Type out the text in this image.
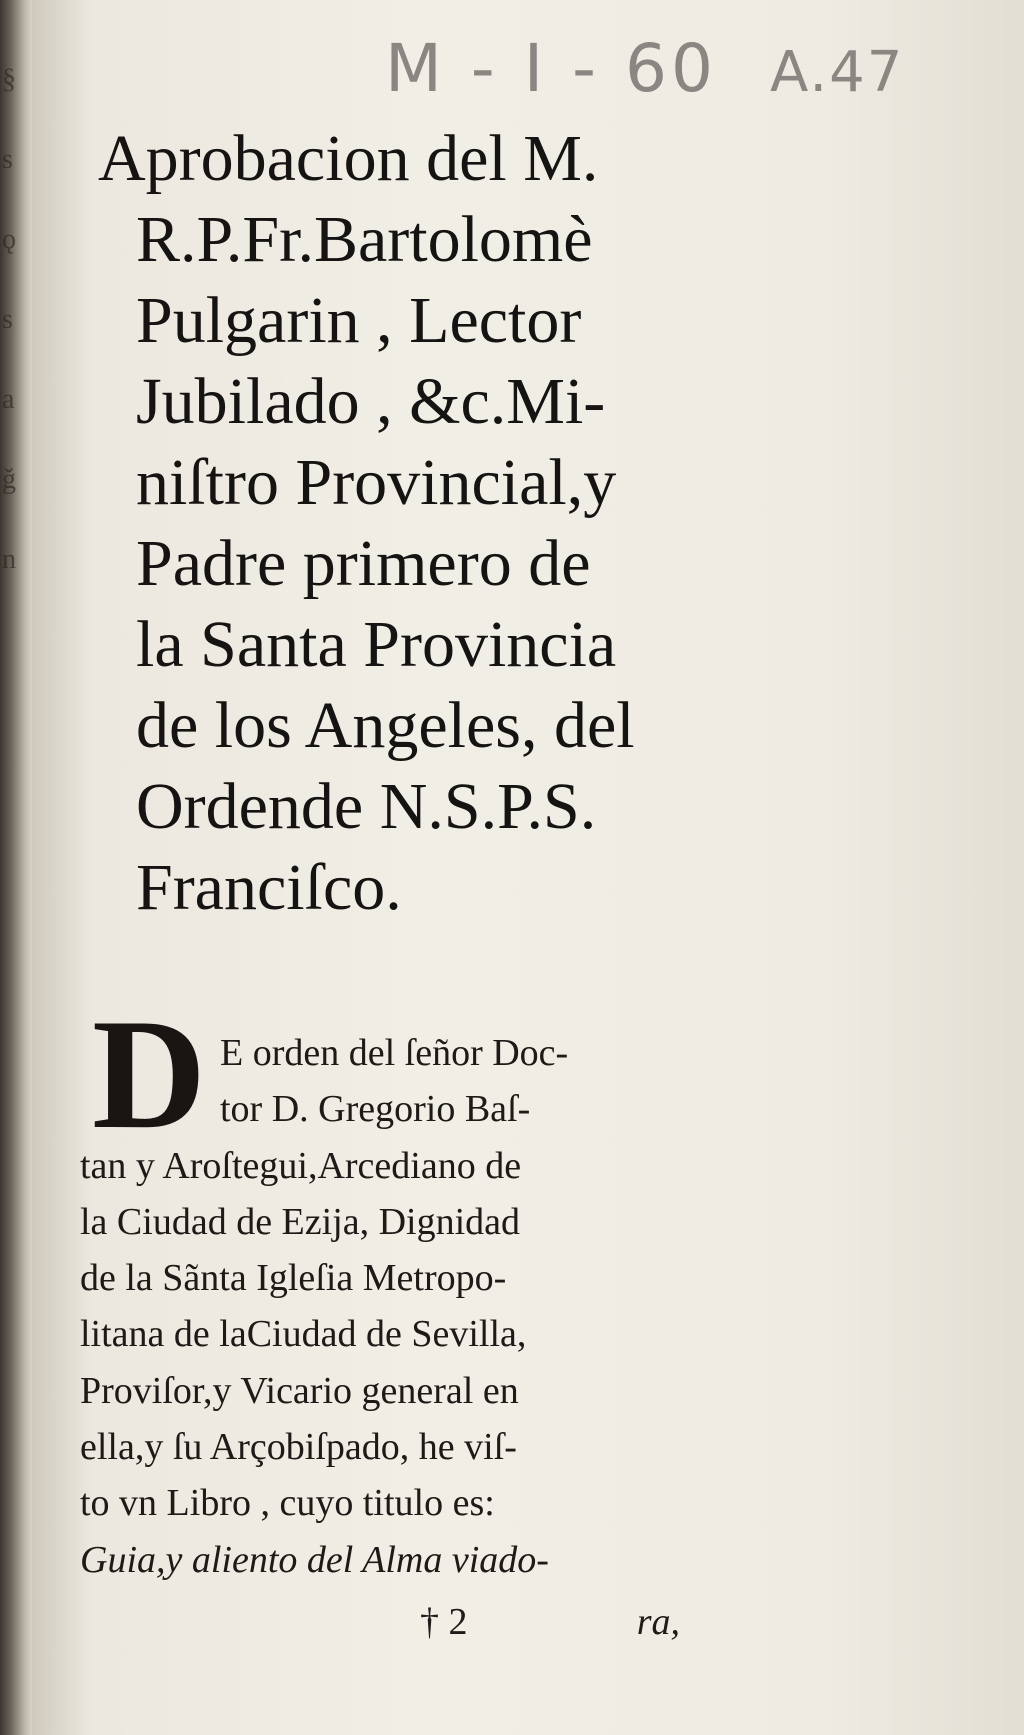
§
s
ǫ
s
a
ǧ
n
M - I - 60 A.47
Aprobacion del M.
R.P.Fr.Bartolomè
Pulgarin , Lector
Jubilado , &c.Mi-
niſtro Provincial,y
Padre primero de
la Santa Provincia
de los Angeles, del
Ordende N.S.P.S.
Franciſco.
D E orden del ſeñor Doc-
tor D. Gregorio Baſ-
tan y Aroſtegui,Arcediano de
la Ciudad de Ezija, Dignidad
de la Sãnta Igleſia Metropo-
litana de laCiudad de Sevilla,
Proviſor,y Vicario general en
ella,y ſu Arçobiſpado, he viſ-
to vn Libro , cuyo titulo es:
Guia,y aliento del Alma viado-
† 2	ra,
